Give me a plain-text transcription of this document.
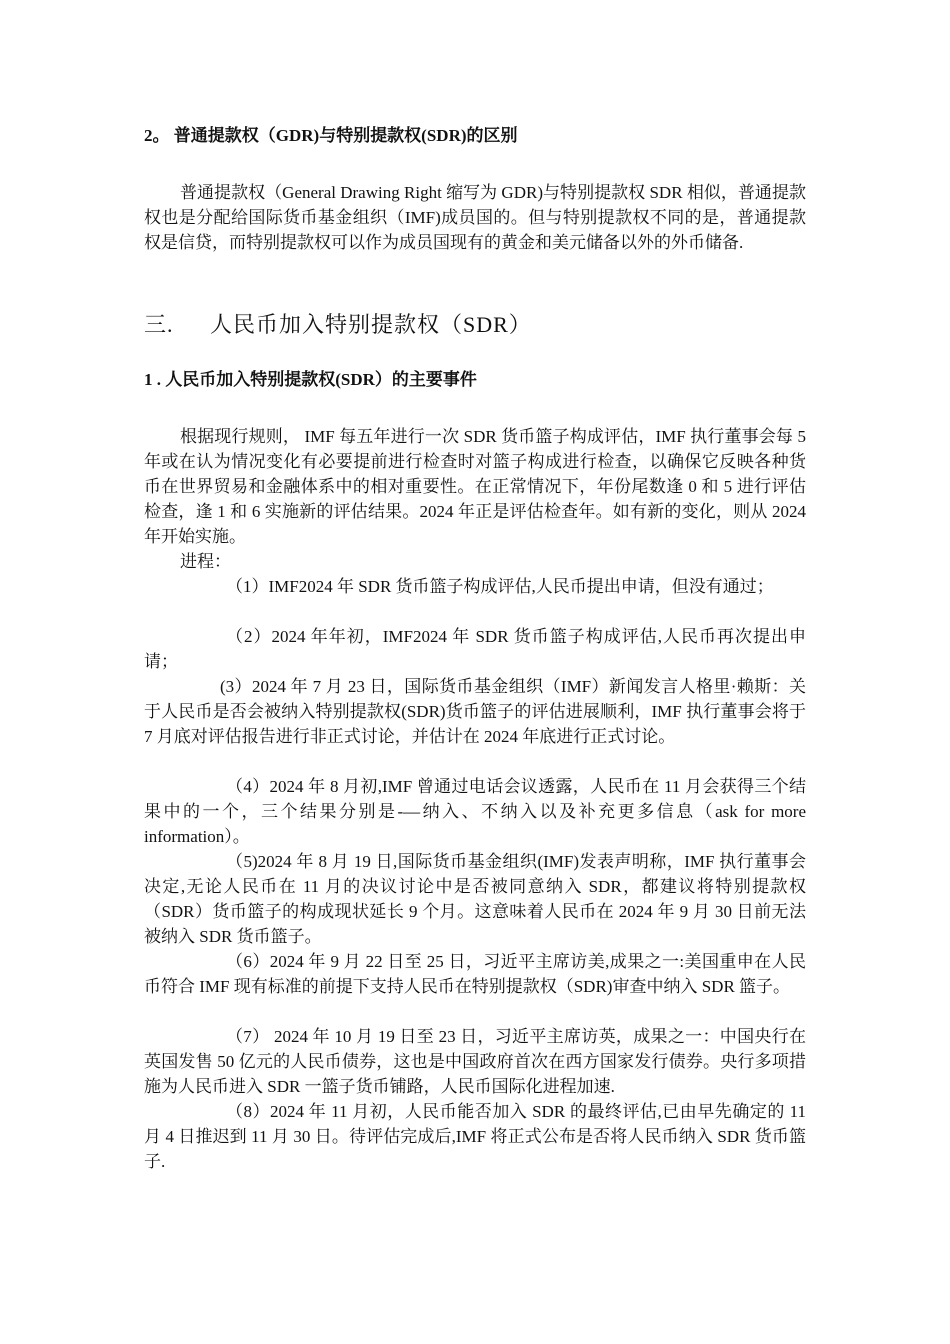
2。 普通提款权（GDR)与特别提款权(SDR)的区别
普通提款权（General Drawing Right 缩写为 GDR)与特别提款权 SDR 相似，普通提款权也是分配给国际货币基金组织（IMF)成员国的。但与特别提款权不同的是，普通提款权是信贷，而特别提款权可以作为成员国现有的黄金和美元储备以外的外币储备.
三. 人民币加入特别提款权（SDR）
1 . 人民币加入特别提款权(SDR）的主要事件
根据现行规则， IMF 每五年进行一次 SDR 货币篮子构成评估，IMF 执行董事会每 5 年或在认为情况变化有必要提前进行检查时对篮子构成进行检查，以确保它反映各种货币在世界贸易和金融体系中的相对重要性。在正常情况下，年份尾数逢 0 和 5 进行评估检查，逢 1 和 6 实施新的评估结果。2024 年正是评估检查年。如有新的变化，则从 2024 年开始实施。
进程：
（1）IMF2024 年 SDR 货币篮子构成评估,人民币提出申请，但没有通过；
（2）2024 年年初，IMF2024 年 SDR 货币篮子构成评估,人民币再次提出申请；
(3）2024 年 7 月 23 日，国际货币基金组织（IMF）新闻发言人格里·赖斯：关于人民币是否会被纳入特别提款权(SDR)货币篮子的评估进展顺利，IMF 执行董事会将于 7 月底对评估报告进行非正式讨论，并估计在 2024 年底进行正式讨论。
（4）2024 年 8 月初,IMF 曾通过电话会议透露，人民币在 11 月会获得三个结果中的一个，三个结果分别是-—纳入、不纳入以及补充更多信息（ask for more information）。
（5)2024 年 8 月 19 日,国际货币基金组织(IMF)发表声明称，IMF 执行董事会决定,无论人民币在 11 月的决议讨论中是否被同意纳入 SDR，都建议将特别提款权（SDR）货币篮子的构成现状延长 9 个月。这意味着人民币在 2024 年 9 月 30 日前无法被纳入 SDR 货币篮子。
（6）2024 年 9 月 22 日至 25 日，习近平主席访美,成果之一:美国重申在人民币符合 IMF 现有标准的前提下支持人民币在特别提款权（SDR)审查中纳入 SDR 篮子。
（7） 2024 年 10 月 19 日至 23 日，习近平主席访英，成果之一：中国央行在英国发售 50 亿元的人民币债券，这也是中国政府首次在西方国家发行债券。央行多项措施为人民币进入 SDR 一篮子货币铺路，人民币国际化进程加速.
（8）2024 年 11 月初，人民币能否加入 SDR 的最终评估,已由早先确定的 11 月 4 日推迟到 11 月 30 日。待评估完成后,IMF 将正式公布是否将人民币纳入 SDR 货币篮子.
